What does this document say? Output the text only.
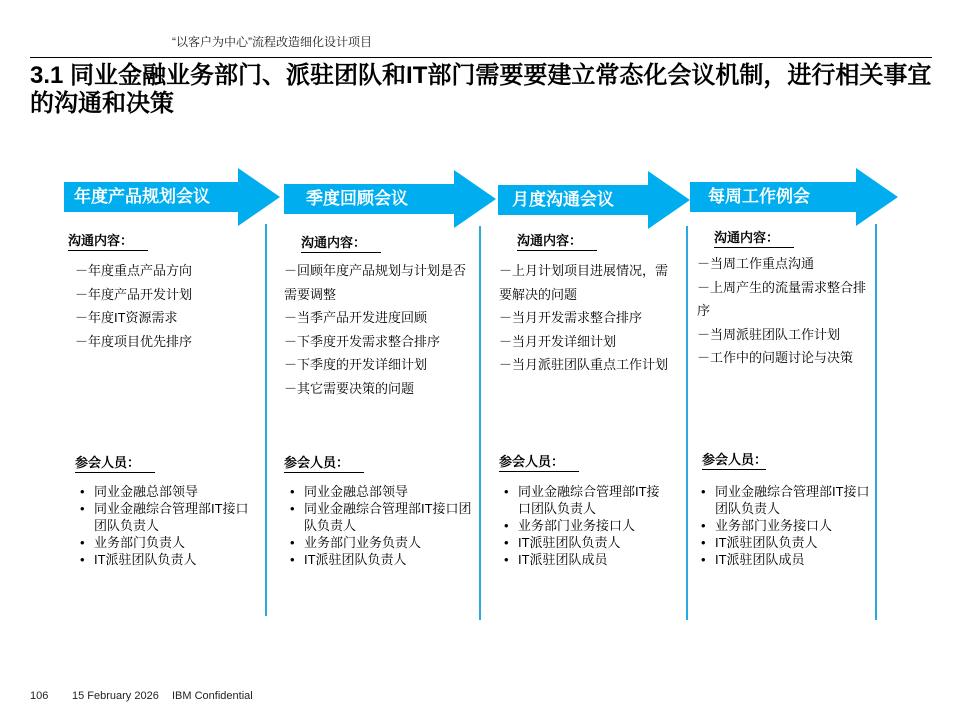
“以客户为中心”流程改造细化设计项目
3.1 同业金融业务部门、派驻团队和IT部门需要要建立常态化会议机制，进行相关事宜的沟通和决策
年度产品规划会议	季度回顾会议	月度沟通会议	每周工作例会
沟通内容：
－年度重点产品方向
－年度产品开发计划
－年度IT资源需求
－年度项目优先排序
参会人员：
• 同业金融总部领导
• 同业金融综合管理部IT接口团队负责人
• 业务部门负责人
• IT派驻团队负责人
沟通内容：
－回顾年度产品规划与计划是否需要调整
－当季产品开发进度回顾
－下季度开发需求整合排序
－下季度的开发详细计划
－其它需要决策的问题
参会人员：
• 同业金融总部领导
• 同业金融综合管理部IT接口团队负责人
• 业务部门业务负责人
• IT派驻团队负责人
沟通内容：
－上月计划项目进展情况，需要解决的问题
－当月开发需求整合排序
－当月开发详细计划
－当月派驻团队重点工作计划
参会人员：
• 同业金融综合管理部IT接口团队负责人
• 业务部门业务接口人
• IT派驻团队负责人
• IT派驻团队成员
沟通内容：
－当周工作重点沟通
－上周产生的流量需求整合排序
－当周派驻团队工作计划
－工作中的问题讨论与决策
参会人员：
• 同业金融综合管理部IT接口团队负责人
• 业务部门业务接口人
• IT派驻团队负责人
• IT派驻团队成员
106 15 February 2026 IBM Confidential
